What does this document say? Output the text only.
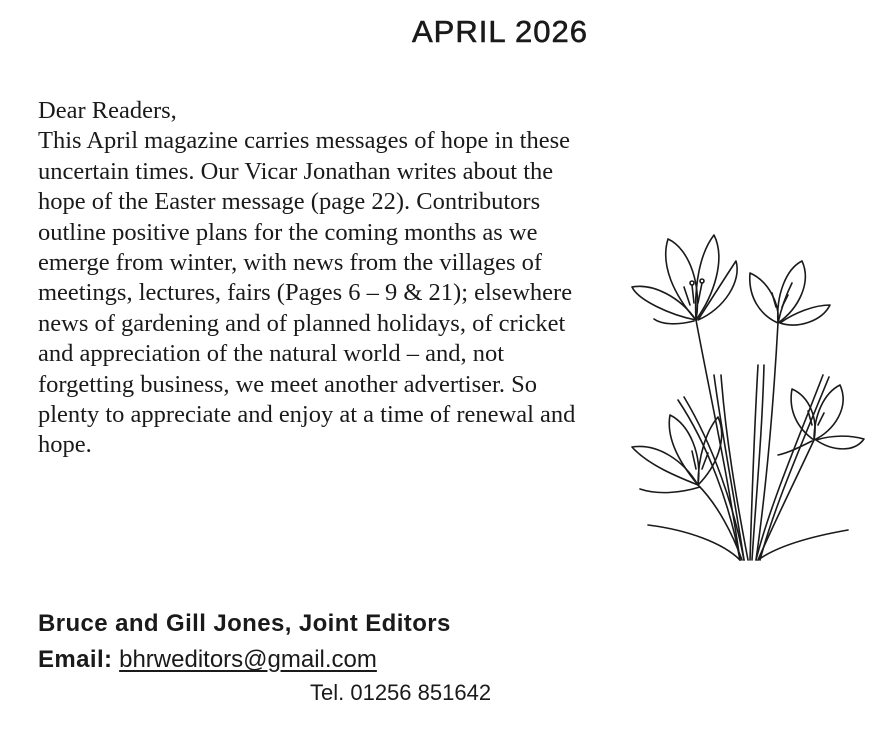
APRIL 2026

Dear Readers,

This April magazine carries messages of hope in these uncertain times. Our Vicar Jonathan writes about the hope of the Easter message (page 22). Contributors outline positive plans for the coming months as we emerge from winter, with news from the villages of meetings, lectures, fairs (Pages 6 – 9 & 21); elsewhere news of gardening and of planned holidays, of cricket and appreciation of the natural world – and, not forgetting business, we meet another advertiser. So plenty to appreciate and enjoy at a time of renewal and hope.

Bruce and Gill Jones, Joint Editors
Email: bhrweditors@gmail.com
Tel. 01256 851642
